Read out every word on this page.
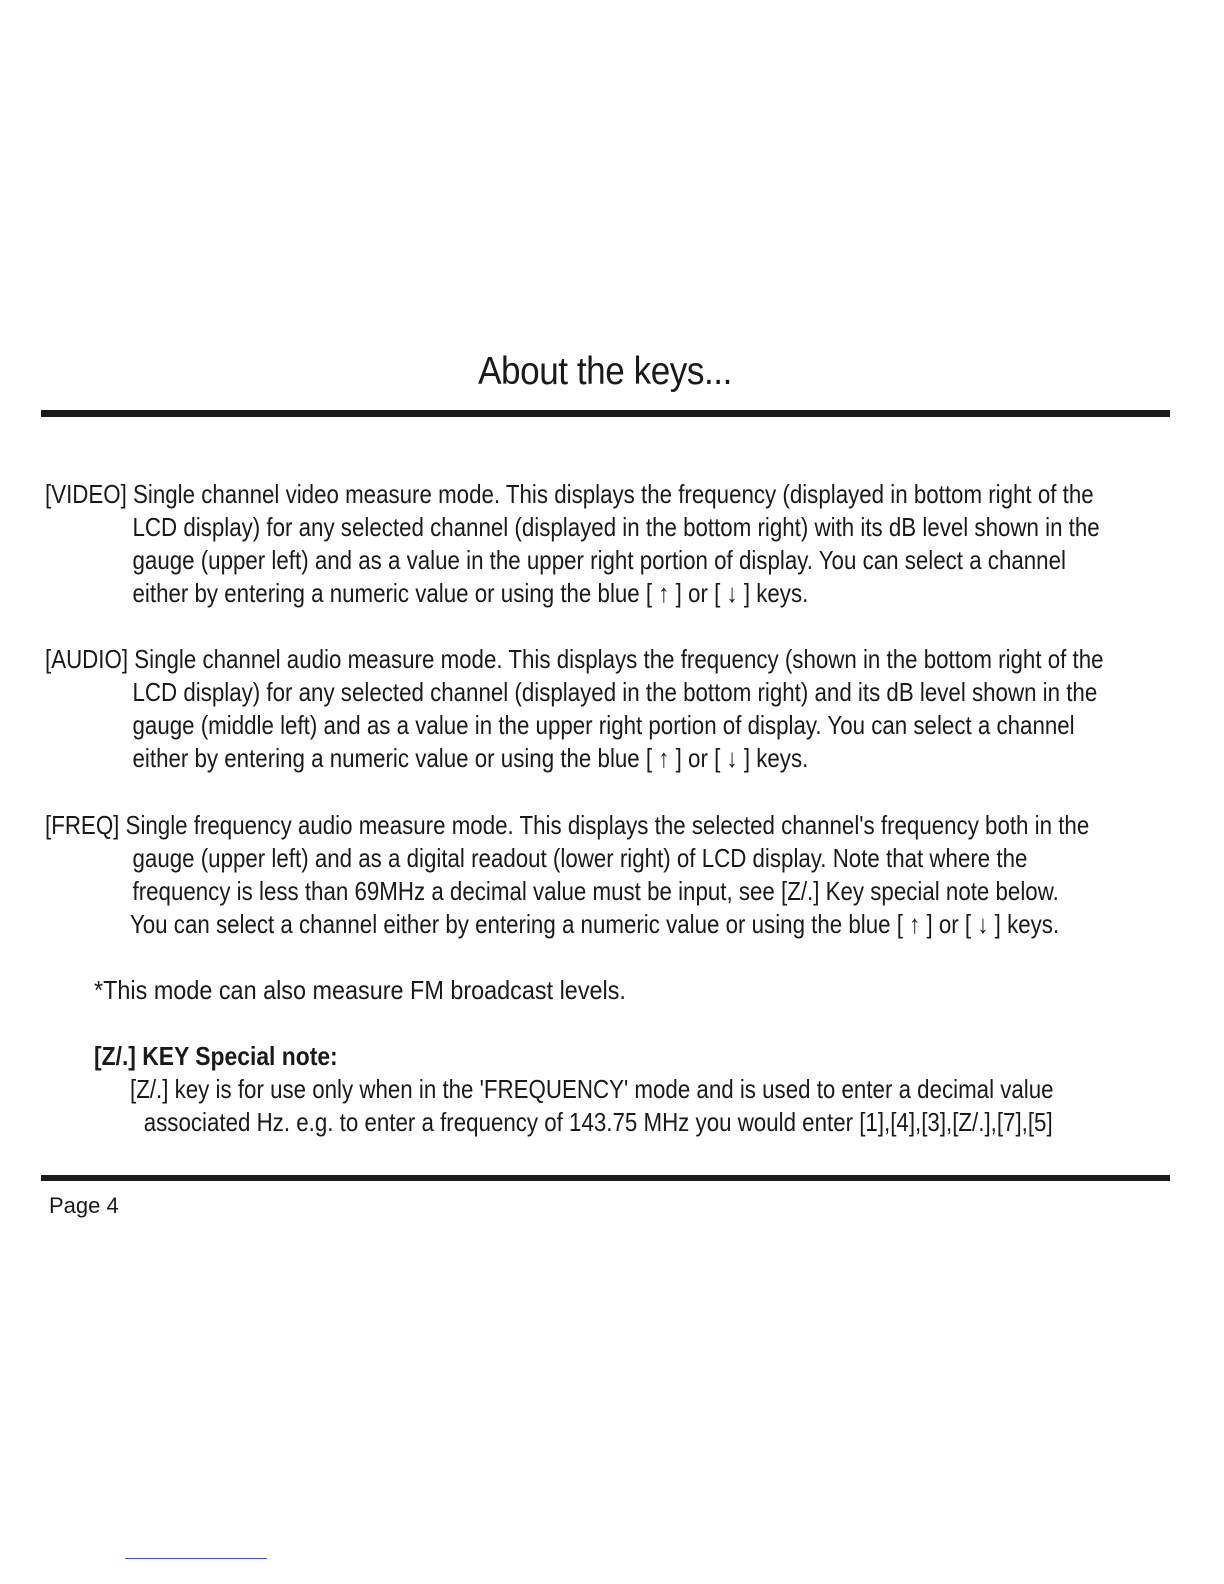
About the keys...
[VIDEO] Single channel video measure mode. This displays the frequency (displayed in bottom right of the
LCD display) for any selected channel (displayed in the bottom right) with its dB level shown in the
gauge (upper left) and as a value in the upper right portion of display. You can select a channel
either by entering a numeric value or using the blue [ ↑ ] or [ ↓ ] keys.
[AUDIO] Single channel audio measure mode. This displays the frequency (shown in the bottom right of the
LCD display) for any selected channel (displayed in the bottom right) and its dB level shown in the
gauge (middle left) and as a value in the upper right portion of display. You can select a channel
either by entering a numeric value or using the blue [ ↑ ] or [ ↓ ] keys.
[FREQ] Single frequency audio measure mode. This displays the selected channel's frequency both in the
gauge (upper left) and as a digital readout (lower right) of LCD display. Note that where the
frequency is less than 69MHz a decimal value must be input, see [Z/.] Key special note below.
You can select a channel either by entering a numeric value or using the blue [ ↑ ] or [ ↓ ] keys.
*This mode can also measure FM broadcast levels.
[Z/.] KEY Special note:
[Z/.] key is for use only when in the 'FREQUENCY' mode and is used to enter a decimal value
associated Hz. e.g. to enter a frequency of 143.75 MHz you would enter [1],[4],[3],[Z/.],[7],[5]
Page 4
